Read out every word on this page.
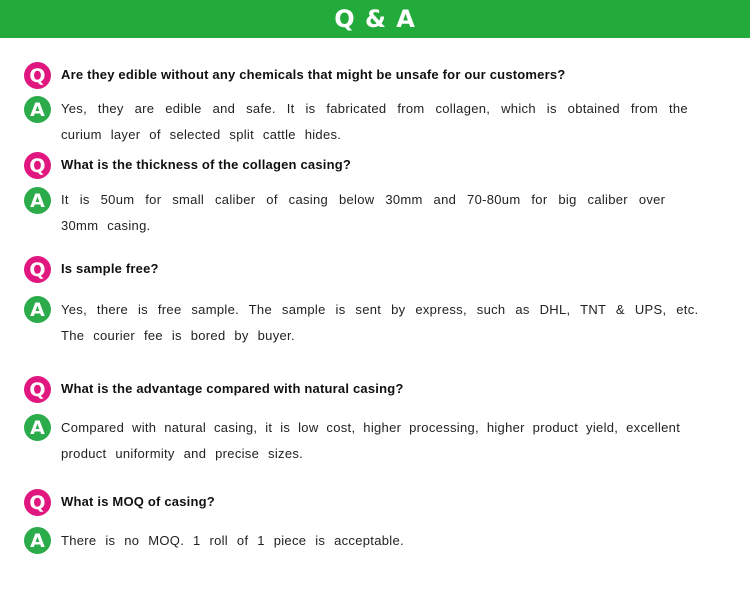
Q & A
Q	Are they edible without any chemicals that might be unsafe for our customers?
A	Yes, they are edible and safe. It is fabricated from collagen, which is obtained from the
curium layer of selected split cattle hides.
Q	What is the thickness of the collagen casing?
A	It is 50um for small caliber of casing below 30mm and 70-80um for big caliber over
30mm casing.
Q	Is sample free?
A	Yes, there is free sample. The sample is sent by express, such as DHL, TNT & UPS, etc.
The courier fee is bored by buyer.
Q	What is the advantage compared with natural casing?
A	Compared with natural casing, it is low cost, higher processing, higher product yield, excellent
product uniformity and precise sizes.
Q	What is MOQ of casing?
A	There is no MOQ. 1 roll of 1 piece is acceptable.
